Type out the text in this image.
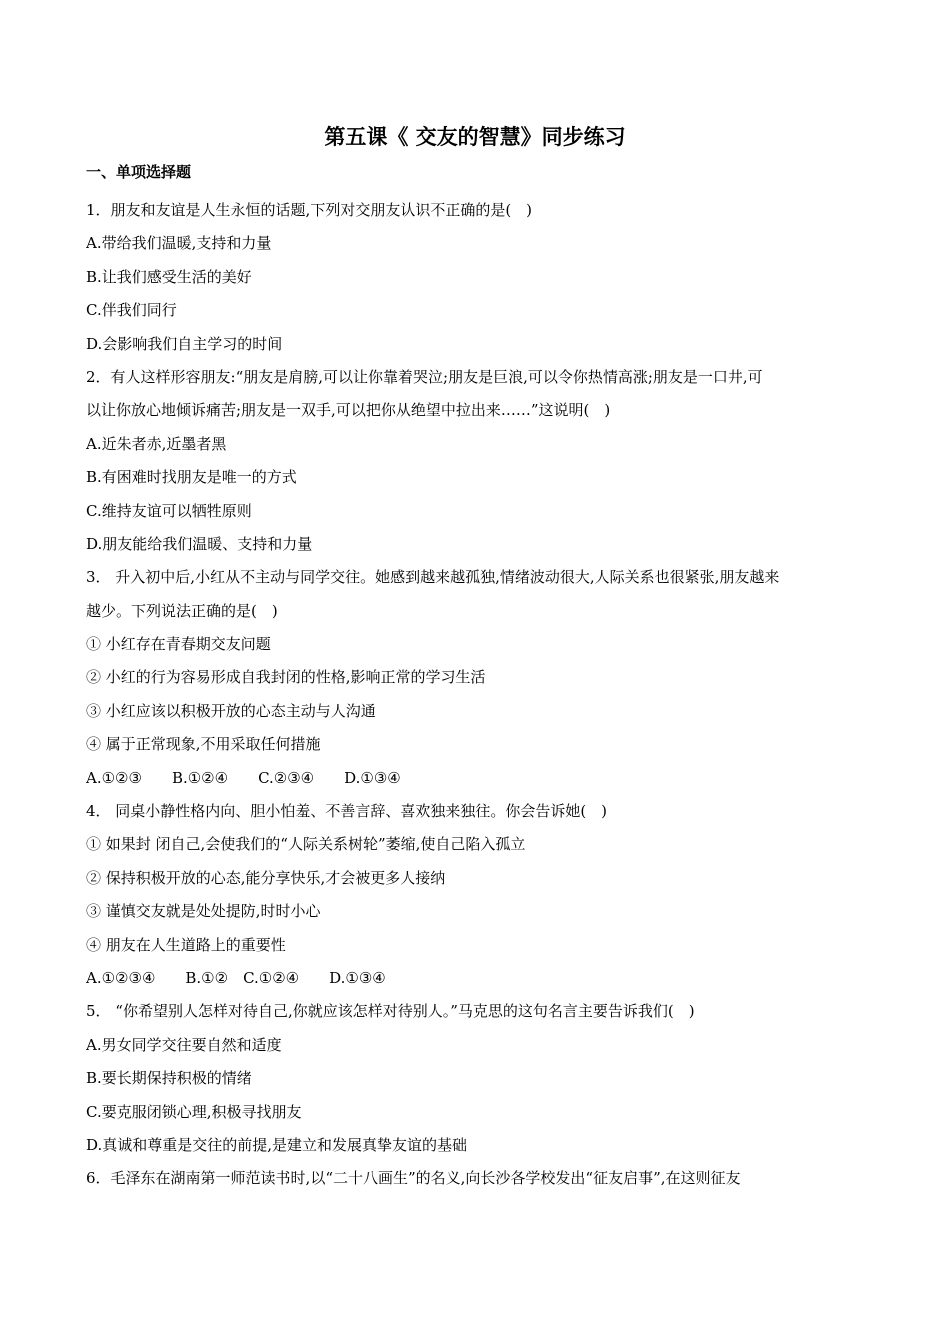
第五课《 交友的智慧》同步练习
一、单项选择题
1．朋友和友谊是人生永恒的话题,下列对交朋友认识不正确的是(　)
A.带给我们温暖,支持和力量
B.让我们感受生活的美好
C.伴我们同行
D.会影响我们自主学习的时间
2．有人这样形容朋友:“朋友是肩膀,可以让你靠着哭泣;朋友是巨浪,可以令你热情高涨;朋友是一口井,可
以让你放心地倾诉痛苦;朋友是一双手,可以把你从绝望中拉出来……”这说明(　)
A.近朱者赤,近墨者黑
B.有困难时找朋友是唯一的方式
C.维持友谊可以牺牲原则
D.朋友能给我们温暖、支持和力量
3． 升入初中后,小红从不主动与同学交往。她感到越来越孤独,情绪波动很大,人际关系也很紧张,朋友越来
越少。下列说法正确的是(　)
① 小红存在青春期交友问题
② 小红的行为容易形成自我封闭的性格,影响正常的学习生活
③ 小红应该以积极开放的心态主动与人沟通
④ 属于正常现象,不用采取任何措施
A.①②③　　B.①②④　　C.②③④　　D.①③④
4． 同桌小静性格内向、胆小怕羞、不善言辞、喜欢独来独往。你会告诉她(　)
① 如果封 闭自己,会使我们的“人际关系树轮”萎缩,使自己陷入孤立
② 保持积极开放的心态,能分享快乐,才会被更多人接纳
③ 谨慎交友就是处处提防,时时小心
④ 朋友在人生道路上的重要性
A.①②③④　　B.①②　C.①②④　　D.①③④
5． “你希望别人怎样对待自己,你就应该怎样对待别人。”马克思的这句名言主要告诉我们(　)
A.男女同学交往要自然和适度
B.要长期保持积极的情绪
C.要克服闭锁心理,积极寻找朋友
D.真诚和尊重是交往的前提,是建立和发展真挚友谊的基础
6．毛泽东在湖南第一师范读书时,以“二十八画生”的名义,向长沙各学校发出“征友启事”,在这则征友
